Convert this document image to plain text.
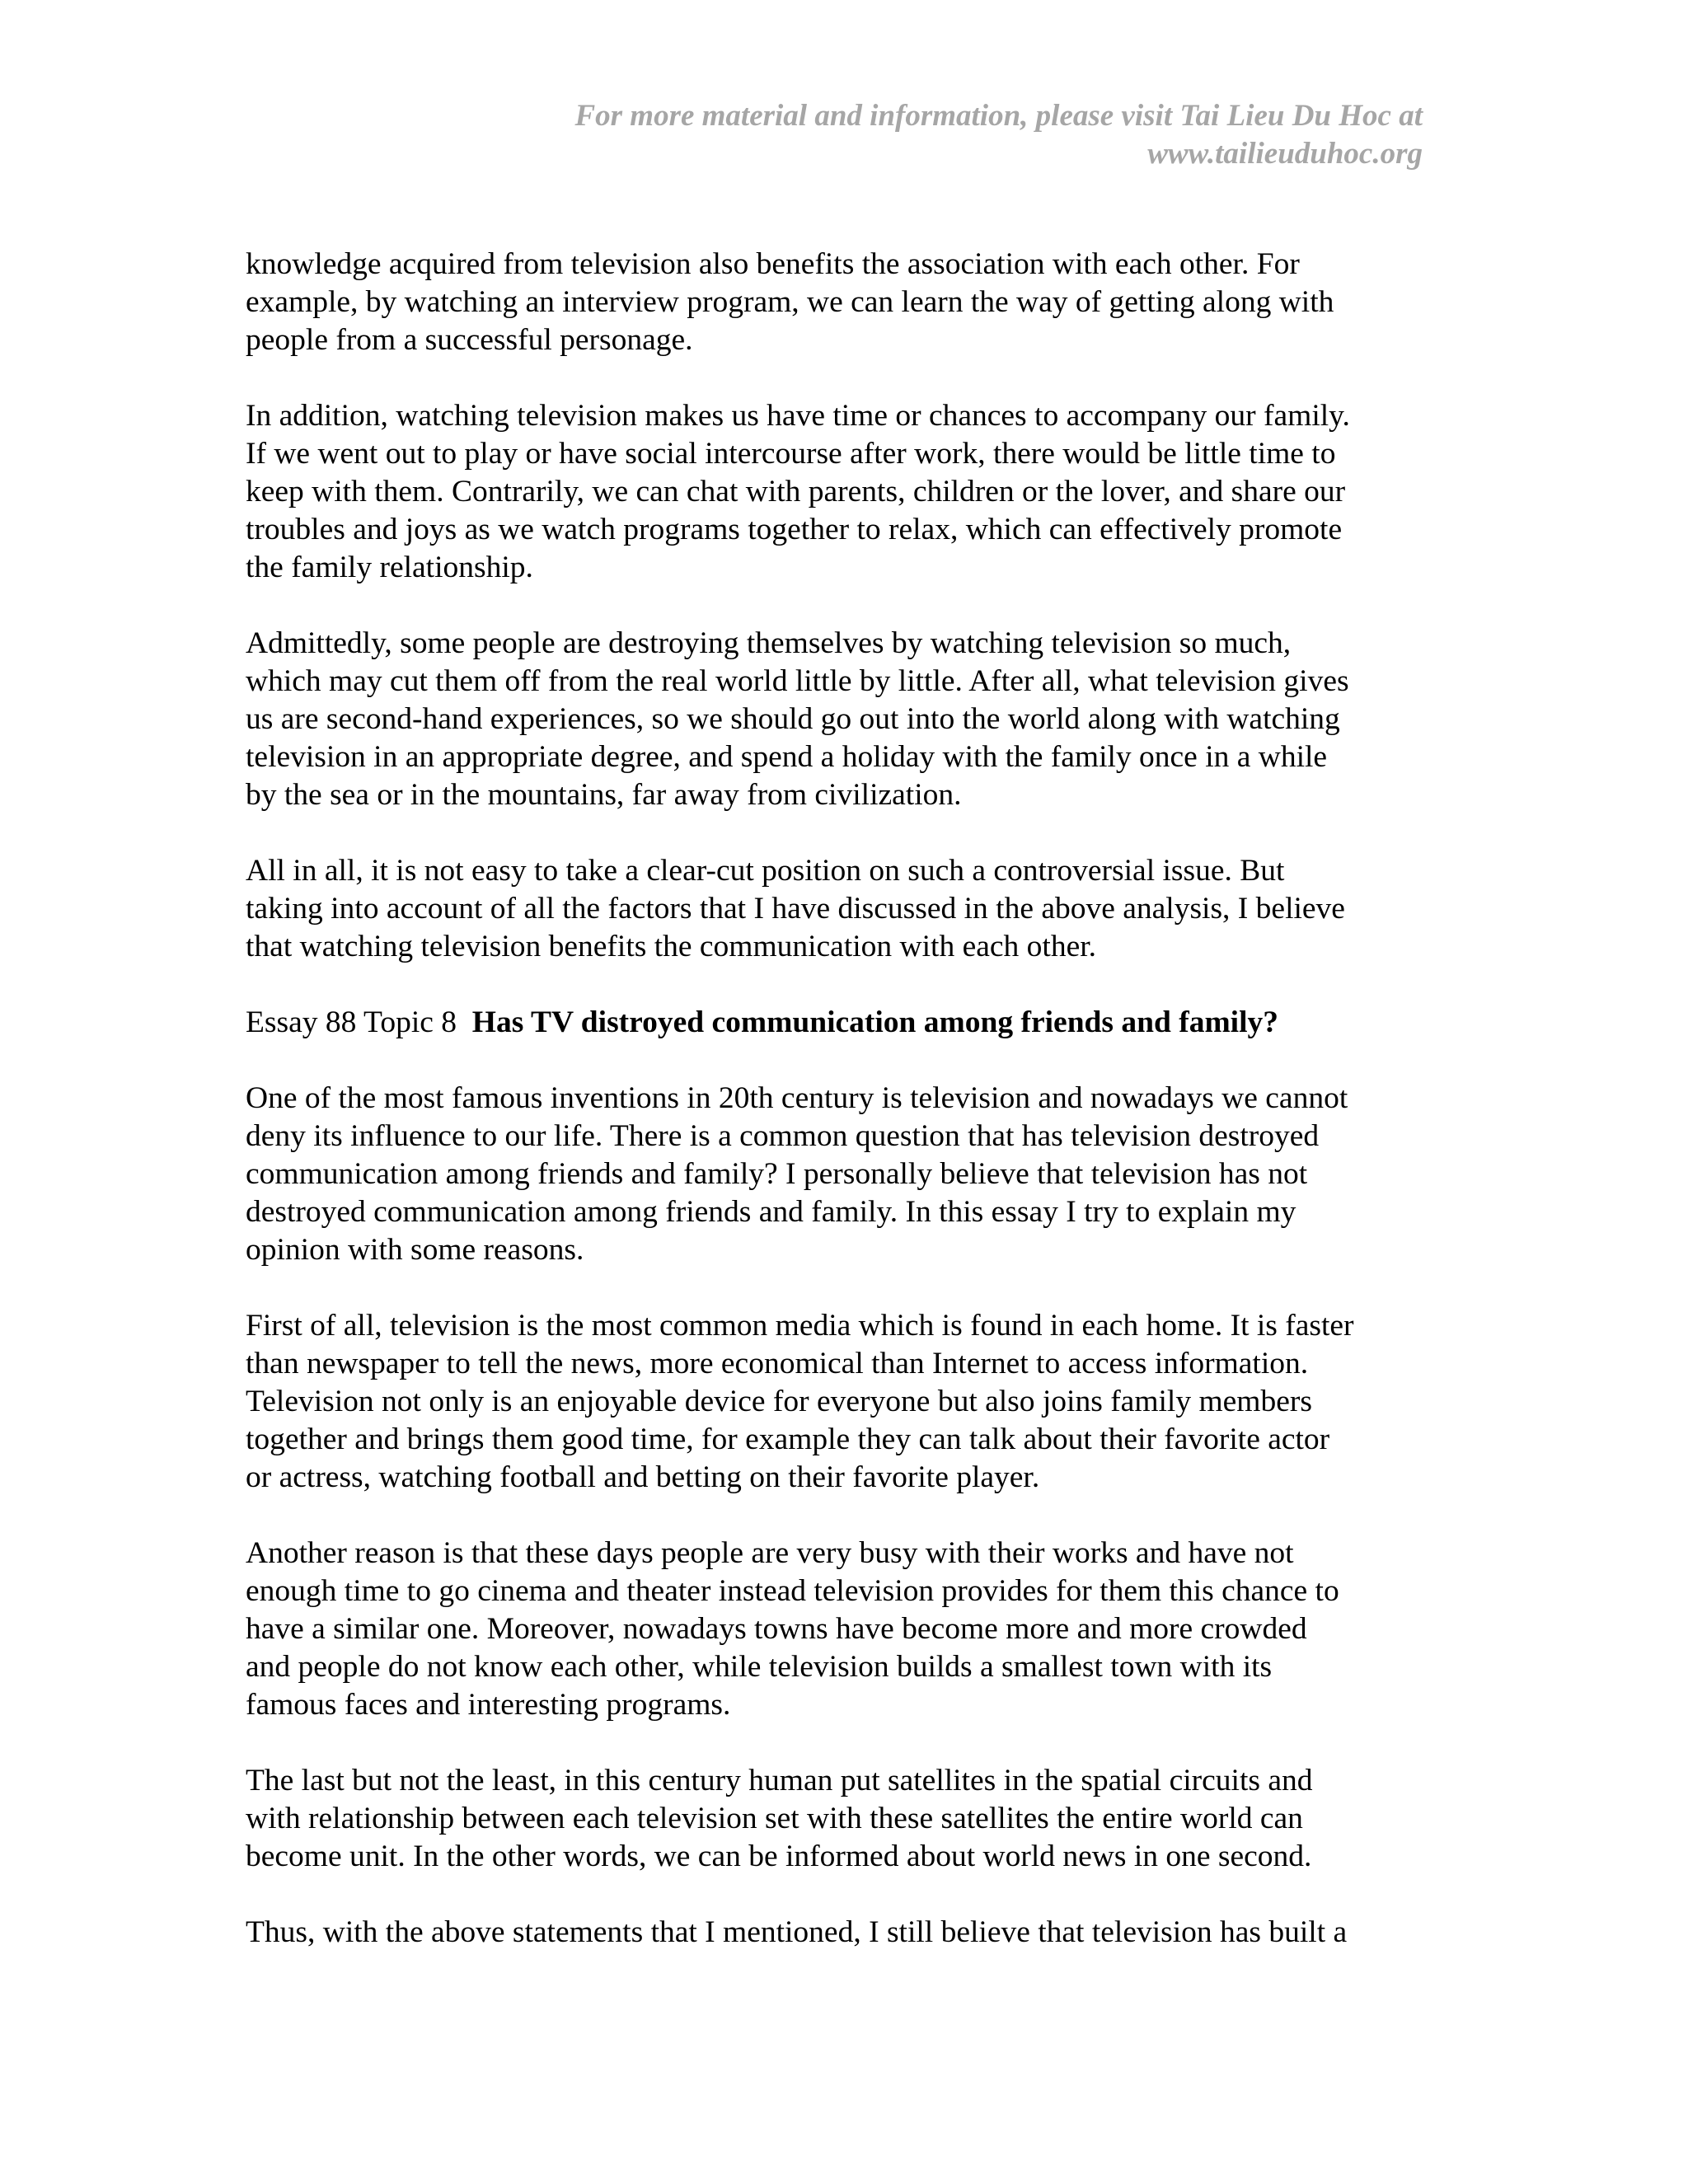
For more material and information, please visit Tai Lieu Du Hoc at
www.tailieuduhoc.org
knowledge acquired from television also benefits the association with each other. For
example, by watching an interview program, we can learn the way of getting along with
people from a successful personage.
In addition, watching television makes us have time or chances to accompany our family.
If we went out to play or have social intercourse after work, there would be little time to
keep with them. Contrarily, we can chat with parents, children or the lover, and share our
troubles and joys as we watch programs together to relax, which can effectively promote
the family relationship.
Admittedly, some people are destroying themselves by watching television so much,
which may cut them off from the real world little by little. After all, what television gives
us are second-hand experiences, so we should go out into the world along with watching
television in an appropriate degree, and spend a holiday with the family once in a while
by the sea or in the mountains, far away from civilization.
All in all, it is not easy to take a clear-cut position on such a controversial issue. But
taking into account of all the factors that I have discussed in the above analysis, I believe
that watching television benefits the communication with each other.
Essay 88 Topic 8 Has TV distroyed communication among friends and family?
One of the most famous inventions in 20th century is television and nowadays we cannot
deny its influence to our life. There is a common question that has television destroyed
communication among friends and family? I personally believe that television has not
destroyed communication among friends and family. In this essay I try to explain my
opinion with some reasons.
First of all, television is the most common media which is found in each home. It is faster
than newspaper to tell the news, more economical than Internet to access information.
Television not only is an enjoyable device for everyone but also joins family members
together and brings them good time, for example they can talk about their favorite actor
or actress, watching football and betting on their favorite player.
Another reason is that these days people are very busy with their works and have not
enough time to go cinema and theater instead television provides for them this chance to
have a similar one. Moreover, nowadays towns have become more and more crowded
and people do not know each other, while television builds a smallest town with its
famous faces and interesting programs.
The last but not the least, in this century human put satellites in the spatial circuits and
with relationship between each television set with these satellites the entire world can
become unit. In the other words, we can be informed about world news in one second.
Thus, with the above statements that I mentioned, I still believe that television has built a
